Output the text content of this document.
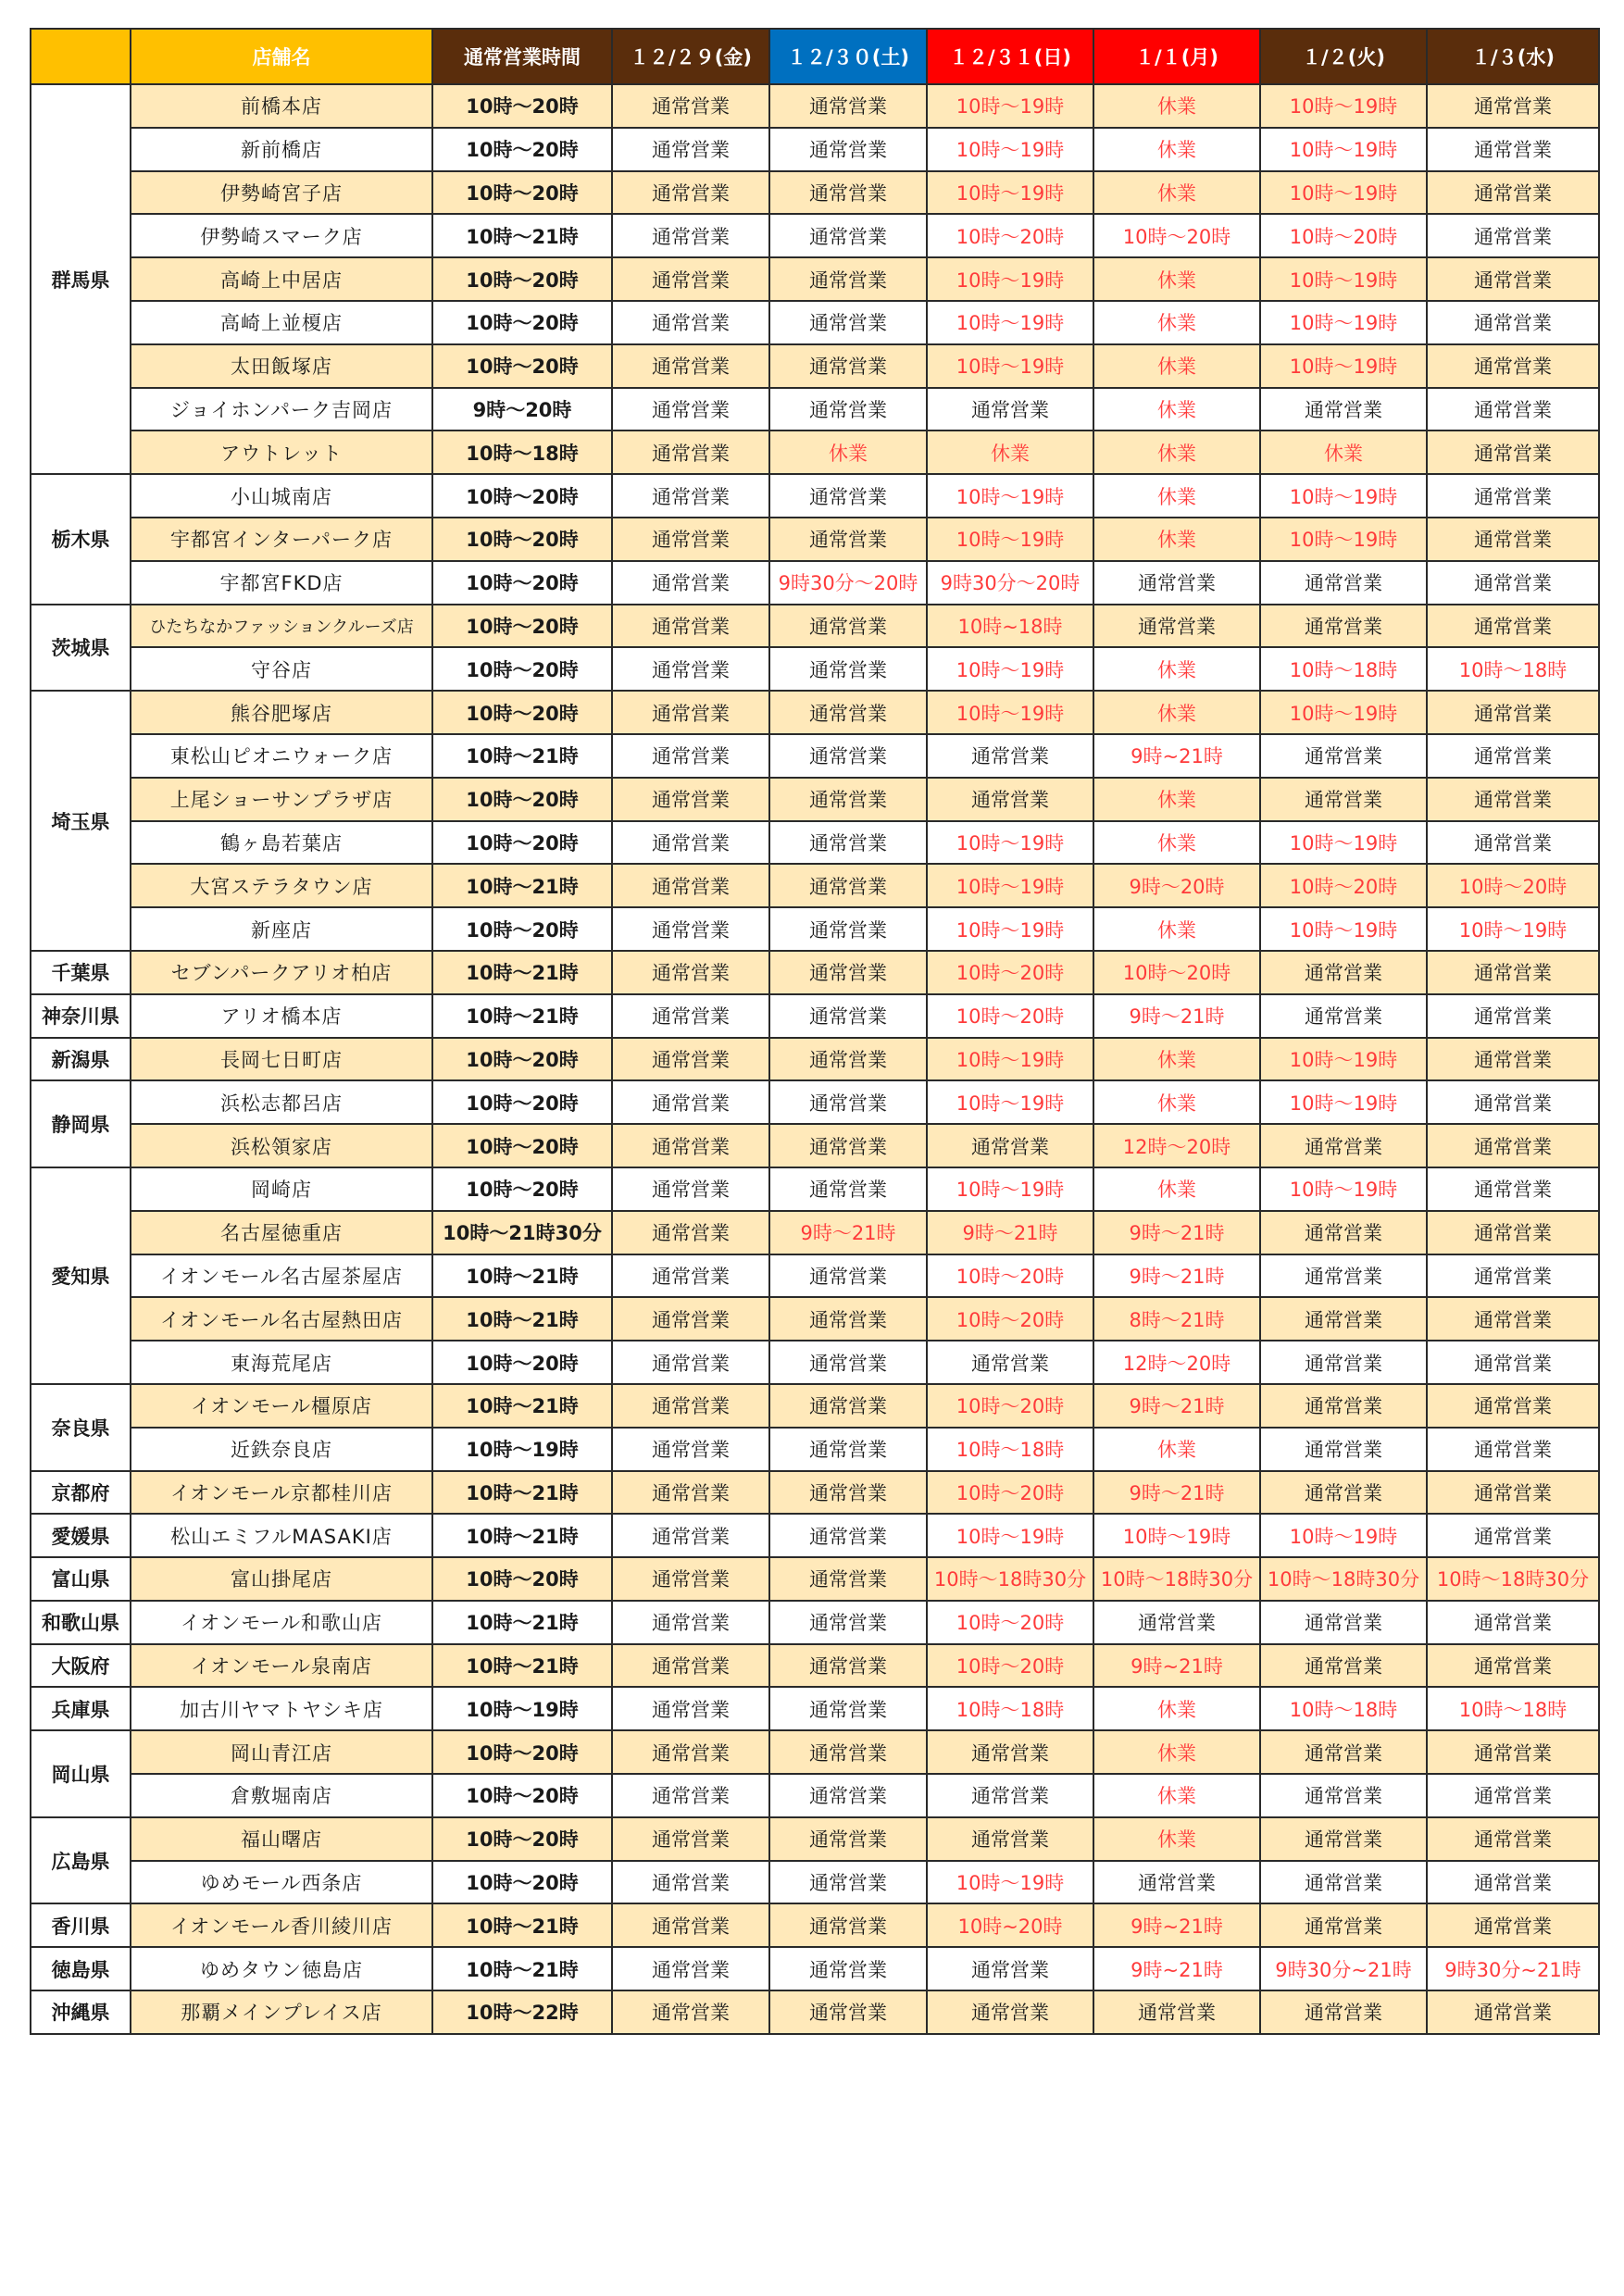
	店舗名	通常営業時間	１２/２９(金)	１２/３０(土)	１２/３１(日)	１/１(月)	１/２(火)	１/３(水)
群馬県	前橋本店	10時～20時	通常営業	通常営業	10時～19時	休業	10時～19時	通常営業
	新前橋店	10時～20時	通常営業	通常営業	10時～19時	休業	10時～19時	通常営業
	伊勢崎宮子店	10時～20時	通常営業	通常営業	10時～19時	休業	10時～19時	通常営業
	伊勢崎スマーク店	10時～21時	通常営業	通常営業	10時～20時	10時～20時	10時～20時	通常営業
	高崎上中居店	10時～20時	通常営業	通常営業	10時～19時	休業	10時～19時	通常営業
	高崎上並榎店	10時～20時	通常営業	通常営業	10時～19時	休業	10時～19時	通常営業
	太田飯塚店	10時～20時	通常営業	通常営業	10時～19時	休業	10時～19時	通常営業
	ジョイホンパーク吉岡店	9時～20時	通常営業	通常営業	通常営業	休業	通常営業	通常営業
	アウトレット	10時～18時	通常営業	休業	休業	休業	休業	通常営業
栃木県	小山城南店	10時～20時	通常営業	通常営業	10時～19時	休業	10時～19時	通常営業
	宇都宮インターパーク店	10時～20時	通常営業	通常営業	10時～19時	休業	10時～19時	通常営業
	宇都宮FKD店	10時～20時	通常営業	9時30分～20時	9時30分～20時	通常営業	通常営業	通常営業
茨城県	ひたちなかファッションクルーズ店	10時～20時	通常営業	通常営業	10時~18時	通常営業	通常営業	通常営業
	守谷店	10時～20時	通常営業	通常営業	10時～19時	休業	10時～18時	10時～18時
埼玉県	熊谷肥塚店	10時～20時	通常営業	通常営業	10時～19時	休業	10時～19時	通常営業
	東松山ピオニウォーク店	10時～21時	通常営業	通常営業	通常営業	9時~21時	通常営業	通常営業
	上尾ショーサンプラザ店	10時～20時	通常営業	通常営業	通常営業	休業	通常営業	通常営業
	鶴ヶ島若葉店	10時～20時	通常営業	通常営業	10時～19時	休業	10時～19時	通常営業
	大宮ステラタウン店	10時～21時	通常営業	通常営業	10時～19時	9時～20時	10時～20時	10時～20時
	新座店	10時～20時	通常営業	通常営業	10時～19時	休業	10時～19時	10時～19時
千葉県	セブンパークアリオ柏店	10時～21時	通常営業	通常営業	10時～20時	10時～20時	通常営業	通常営業
神奈川県	アリオ橋本店	10時～21時	通常営業	通常営業	10時～20時	9時～21時	通常営業	通常営業
新潟県	長岡七日町店	10時～20時	通常営業	通常営業	10時～19時	休業	10時～19時	通常営業
静岡県	浜松志都呂店	10時～20時	通常営業	通常営業	10時～19時	休業	10時～19時	通常営業
	浜松領家店	10時～20時	通常営業	通常営業	通常営業	12時～20時	通常営業	通常営業
愛知県	岡崎店	10時～20時	通常営業	通常営業	10時～19時	休業	10時～19時	通常営業
	名古屋徳重店	10時～21時30分	通常営業	9時～21時	9時～21時	9時～21時	通常営業	通常営業
	イオンモール名古屋茶屋店	10時～21時	通常営業	通常営業	10時～20時	9時～21時	通常営業	通常営業
	イオンモール名古屋熱田店	10時～21時	通常営業	通常営業	10時～20時	8時～21時	通常営業	通常営業
	東海荒尾店	10時～20時	通常営業	通常営業	通常営業	12時～20時	通常営業	通常営業
奈良県	イオンモール橿原店	10時～21時	通常営業	通常営業	10時～20時	9時～21時	通常営業	通常営業
	近鉄奈良店	10時～19時	通常営業	通常営業	10時～18時	休業	通常営業	通常営業
京都府	イオンモール京都桂川店	10時～21時	通常営業	通常営業	10時～20時	9時～21時	通常営業	通常営業
愛媛県	松山エミフルMASAKI店	10時～21時	通常営業	通常営業	10時～19時	10時～19時	10時～19時	通常営業
富山県	富山掛尾店	10時～20時	通常営業	通常営業	10時～18時30分	10時～18時30分	10時～18時30分	10時～18時30分
和歌山県	イオンモール和歌山店	10時～21時	通常営業	通常営業	10時～20時	通常営業	通常営業	通常営業
大阪府	イオンモール泉南店	10時～21時	通常営業	通常営業	10時～20時	9時~21時	通常営業	通常営業
兵庫県	加古川ヤマトヤシキ店	10時～19時	通常営業	通常営業	10時～18時	休業	10時～18時	10時～18時
岡山県	岡山青江店	10時～20時	通常営業	通常営業	通常営業	休業	通常営業	通常営業
	倉敷堀南店	10時～20時	通常営業	通常営業	通常営業	休業	通常営業	通常営業
広島県	福山曙店	10時～20時	通常営業	通常営業	通常営業	休業	通常営業	通常営業
	ゆめモール西条店	10時～20時	通常営業	通常営業	10時～19時	通常営業	通常営業	通常営業
香川県	イオンモール香川綾川店	10時～21時	通常営業	通常営業	10時~20時	9時~21時	通常営業	通常営業
徳島県	ゆめタウン徳島店	10時～21時	通常営業	通常営業	通常営業	9時~21時	9時30分~21時	9時30分~21時
沖縄県	那覇メインプレイス店	10時～22時	通常営業	通常営業	通常営業	通常営業	通常営業	通常営業
